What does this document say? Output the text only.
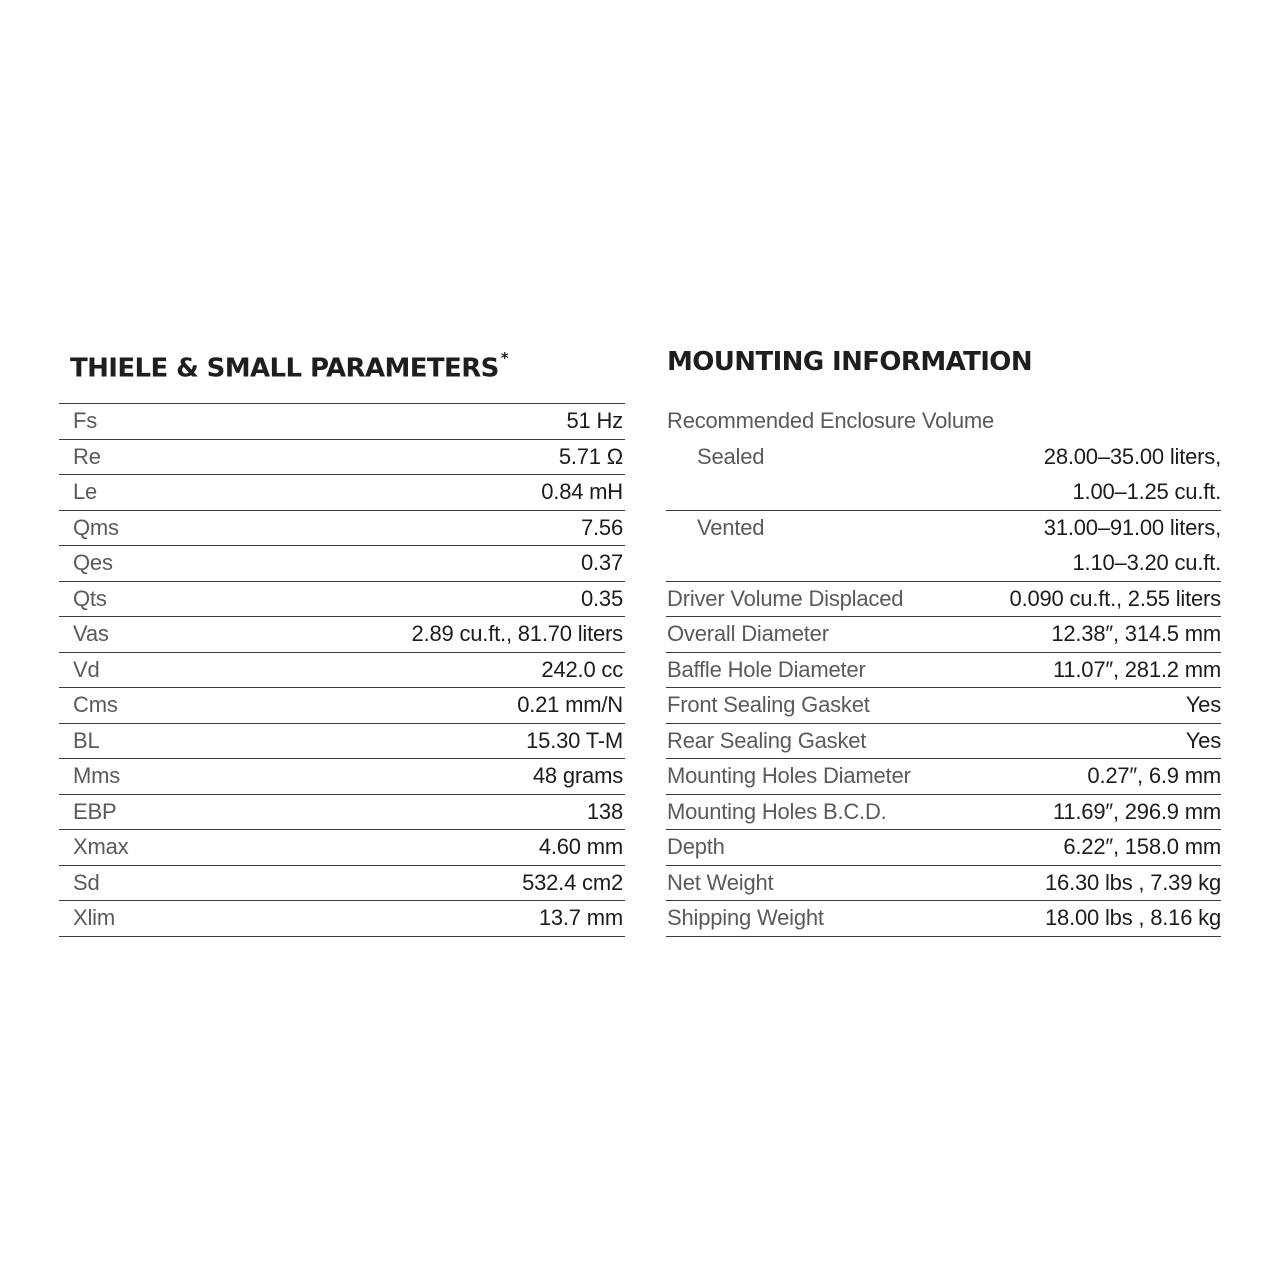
THIELE & SMALL PARAMETERS *
Fs	51 Hz
Re	5.71 Ω
Le	0.84 mH
Qms	7.56
Qes	0.37
Qts	0.35
Vas	2.89 cu.ft., 81.70 liters
Vd	242.0 cc
Cms	0.21 mm/N
BL	15.30 T-M
Mms	48 grams
EBP	138
Xmax	4.60 mm
Sd	532.4 cm2
Xlim	13.7 mm
MOUNTING INFORMATION
Recommended Enclosure Volume
Sealed	28.00–35.00 liters,
1.00–1.25 cu.ft.
Vented	31.00–91.00 liters,
1.10–3.20 cu.ft.
Driver Volume Displaced	0.090 cu.ft., 2.55 liters
Overall Diameter	12.38″, 314.5 mm
Baffle Hole Diameter	11.07″, 281.2 mm
Front Sealing Gasket	Yes
Rear Sealing Gasket	Yes
Mounting Holes Diameter	0.27″, 6.9 mm
Mounting Holes B.C.D.	11.69″, 296.9 mm
Depth	6.22″, 158.0 mm
Net Weight	16.30 lbs , 7.39 kg
Shipping Weight	18.00 lbs , 8.16 kg
